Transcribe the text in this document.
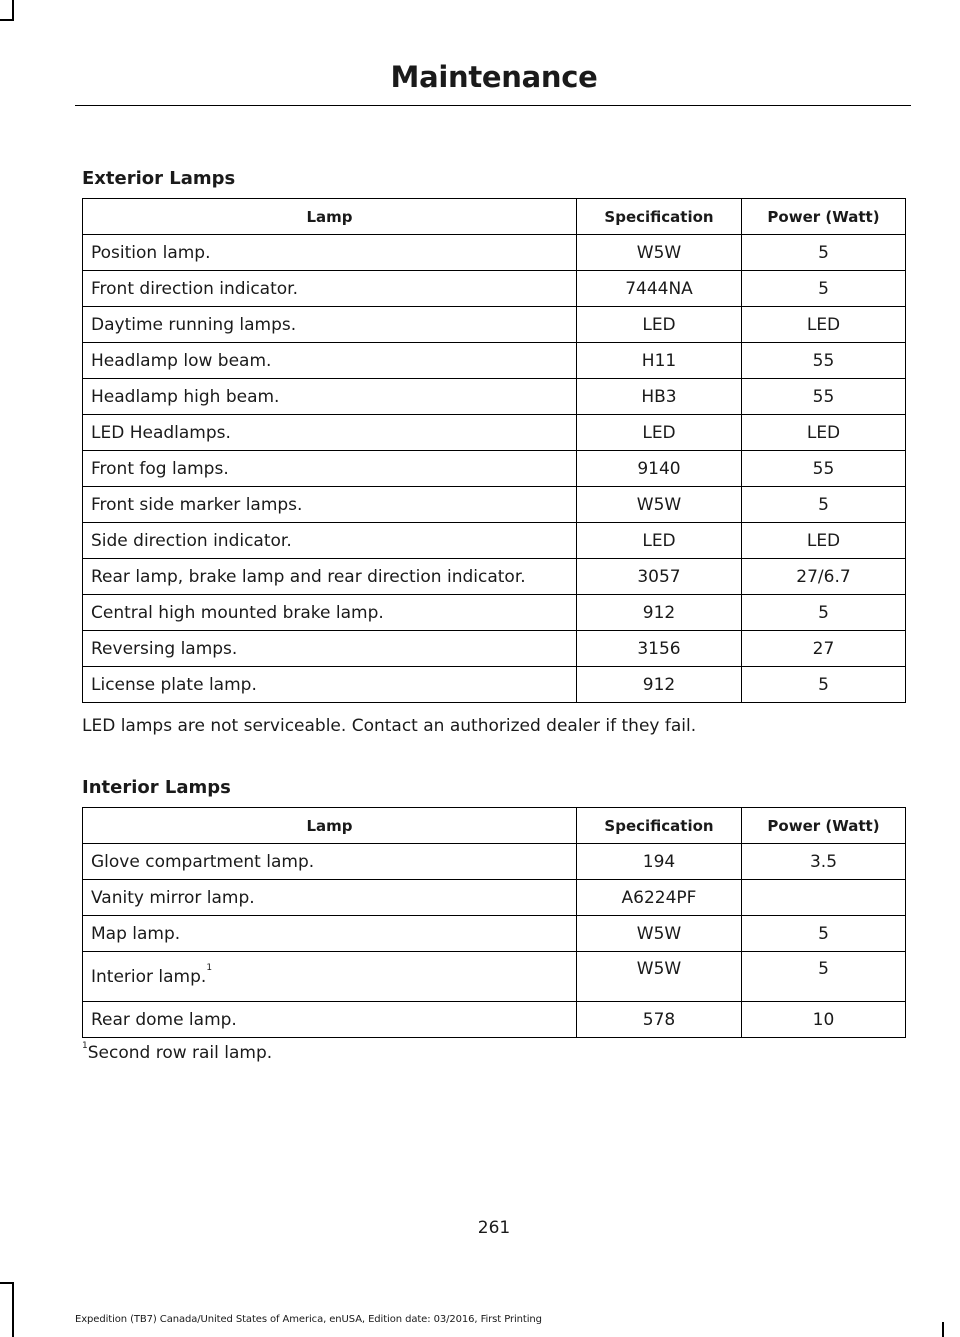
Maintenance
Exterior Lamps
Lamp	Specification	Power (Watt)
Position lamp.	W5W	5
Front direction indicator.	7444NA	5
Daytime running lamps.	LED	LED
Headlamp low beam.	H11	55
Headlamp high beam.	HB3	55
LED Headlamps.	LED	LED
Front fog lamps.	9140	55
Front side marker lamps.	W5W	5
Side direction indicator.	LED	LED
Rear lamp, brake lamp and rear direction indicator.	3057	27/6.7
Central high mounted brake lamp.	912	5
Reversing lamps.	3156	27
License plate lamp.	912	5
LED lamps are not serviceable. Contact an authorized dealer if they fail.
Interior Lamps
Lamp	Specification	Power (Watt)
Glove compartment lamp.	194	3.5
Vanity mirror lamp.	A6224PF	
Map lamp.	W5W	5
Interior lamp.$^1$	W5W	5
Rear dome lamp.	578	10
$^1$Second row rail lamp.
261
Expedition (TB7) Canada/United States of America, enUSA, Edition date: 03/2016, First Printing
